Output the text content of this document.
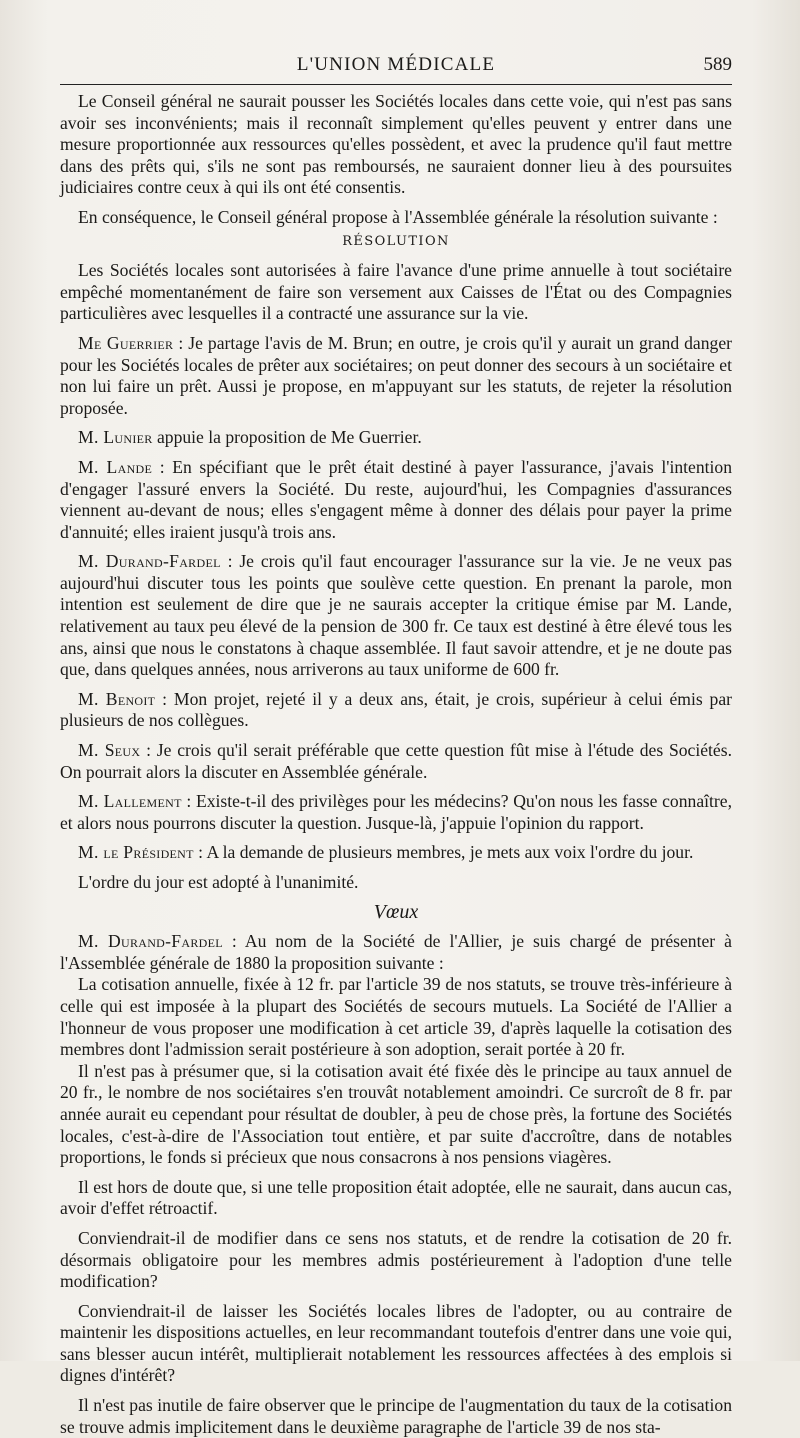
L'UNION MÉDICALE	589

Le Conseil général ne saurait pousser les Sociétés locales dans cette voie, qui n'est pas sans avoir ses inconvénients; mais il reconnaît simplement qu'elles peuvent y entrer dans une mesure proportionnée aux ressources qu'elles possèdent, et avec la prudence qu'il faut mettre dans des prêts qui, s'ils ne sont pas remboursés, ne sauraient donner lieu à des poursuites judiciaires contre ceux à qui ils ont été consentis.

En conséquence, le Conseil général propose à l'Assemblée générale la résolution suivante :

RÉSOLUTION

Les Sociétés locales sont autorisées à faire l'avance d'une prime annuelle à tout sociétaire empêché momentanément de faire son versement aux Caisses de l'État ou des Compagnies particulières avec lesquelles il a contracté une assurance sur la vie.

Me Guerrier : Je partage l'avis de M. Brun; en outre, je crois qu'il y aurait un grand danger pour les Sociétés locales de prêter aux sociétaires; on peut donner des secours à un sociétaire et non lui faire un prêt. Aussi je propose, en m'appuyant sur les statuts, de rejeter la résolution proposée.

M. Lunier appuie la proposition de Me Guerrier.

M. Lande : En spécifiant que le prêt était destiné à payer l'assurance, j'avais l'intention d'engager l'assuré envers la Société. Du reste, aujourd'hui, les Compagnies d'assurances viennent au-devant de nous; elles s'engagent même à donner des délais pour payer la prime d'annuité; elles iraient jusqu'à trois ans.

M. Durand-Fardel : Je crois qu'il faut encourager l'assurance sur la vie. Je ne veux pas aujourd'hui discuter tous les points que soulève cette question. En prenant la parole, mon intention est seulement de dire que je ne saurais accepter la critique émise par M. Lande, relativement au taux peu élevé de la pension de 300 fr. Ce taux est destiné à être élevé tous les ans, ainsi que nous le constatons à chaque assemblée. Il faut savoir attendre, et je ne doute pas que, dans quelques années, nous arriverons au taux uniforme de 600 fr.

M. Benoit : Mon projet, rejeté il y a deux ans, était, je crois, supérieur à celui émis par plusieurs de nos collègues.

M. Seux : Je crois qu'il serait préférable que cette question fût mise à l'étude des Sociétés. On pourrait alors la discuter en Assemblée générale.

M. Lallement : Existe-t-il des privilèges pour les médecins? Qu'on nous les fasse connaître, et alors nous pourrons discuter la question. Jusque-là, j'appuie l'opinion du rapport.

M. le Président : A la demande de plusieurs membres, je mets aux voix l'ordre du jour.

L'ordre du jour est adopté à l'unanimité.

Vœux

M. Durand-Fardel : Au nom de la Société de l'Allier, je suis chargé de présenter à l'Assemblée générale de 1880 la proposition suivante :

La cotisation annuelle, fixée à 12 fr. par l'article 39 de nos statuts, se trouve très-inférieure à celle qui est imposée à la plupart des Sociétés de secours mutuels. La Société de l'Allier a l'honneur de vous proposer une modification à cet article 39, d'après laquelle la cotisation des membres dont l'admission serait postérieure à son adoption, serait portée à 20 fr.

Il n'est pas à présumer que, si la cotisation avait été fixée dès le principe au taux annuel de 20 fr., le nombre de nos sociétaires s'en trouvât notablement amoindri. Ce surcroît de 8 fr. par année aurait eu cependant pour résultat de doubler, à peu de chose près, la fortune des Sociétés locales, c'est-à-dire de l'Association tout entière, et par suite d'accroître, dans de notables proportions, le fonds si précieux que nous consacrons à nos pensions viagères.

Il est hors de doute que, si une telle proposition était adoptée, elle ne saurait, dans aucun cas, avoir d'effet rétroactif.

Conviendrait-il de modifier dans ce sens nos statuts, et de rendre la cotisation de 20 fr. désormais obligatoire pour les membres admis postérieurement à l'adoption d'une telle modification?

Conviendrait-il de laisser les Sociétés locales libres de l'adopter, ou au contraire de maintenir les dispositions actuelles, en leur recommandant toutefois d'entrer dans une voie qui, sans blesser aucun intérêt, multiplierait notablement les ressources affectées à des emplois si dignes d'intérêt?

Il n'est pas inutile de faire observer que le principe de l'augmentation du taux de la cotisation se trouve admis implicitement dans le deuxième paragraphe de l'article 39 de nos sta-
